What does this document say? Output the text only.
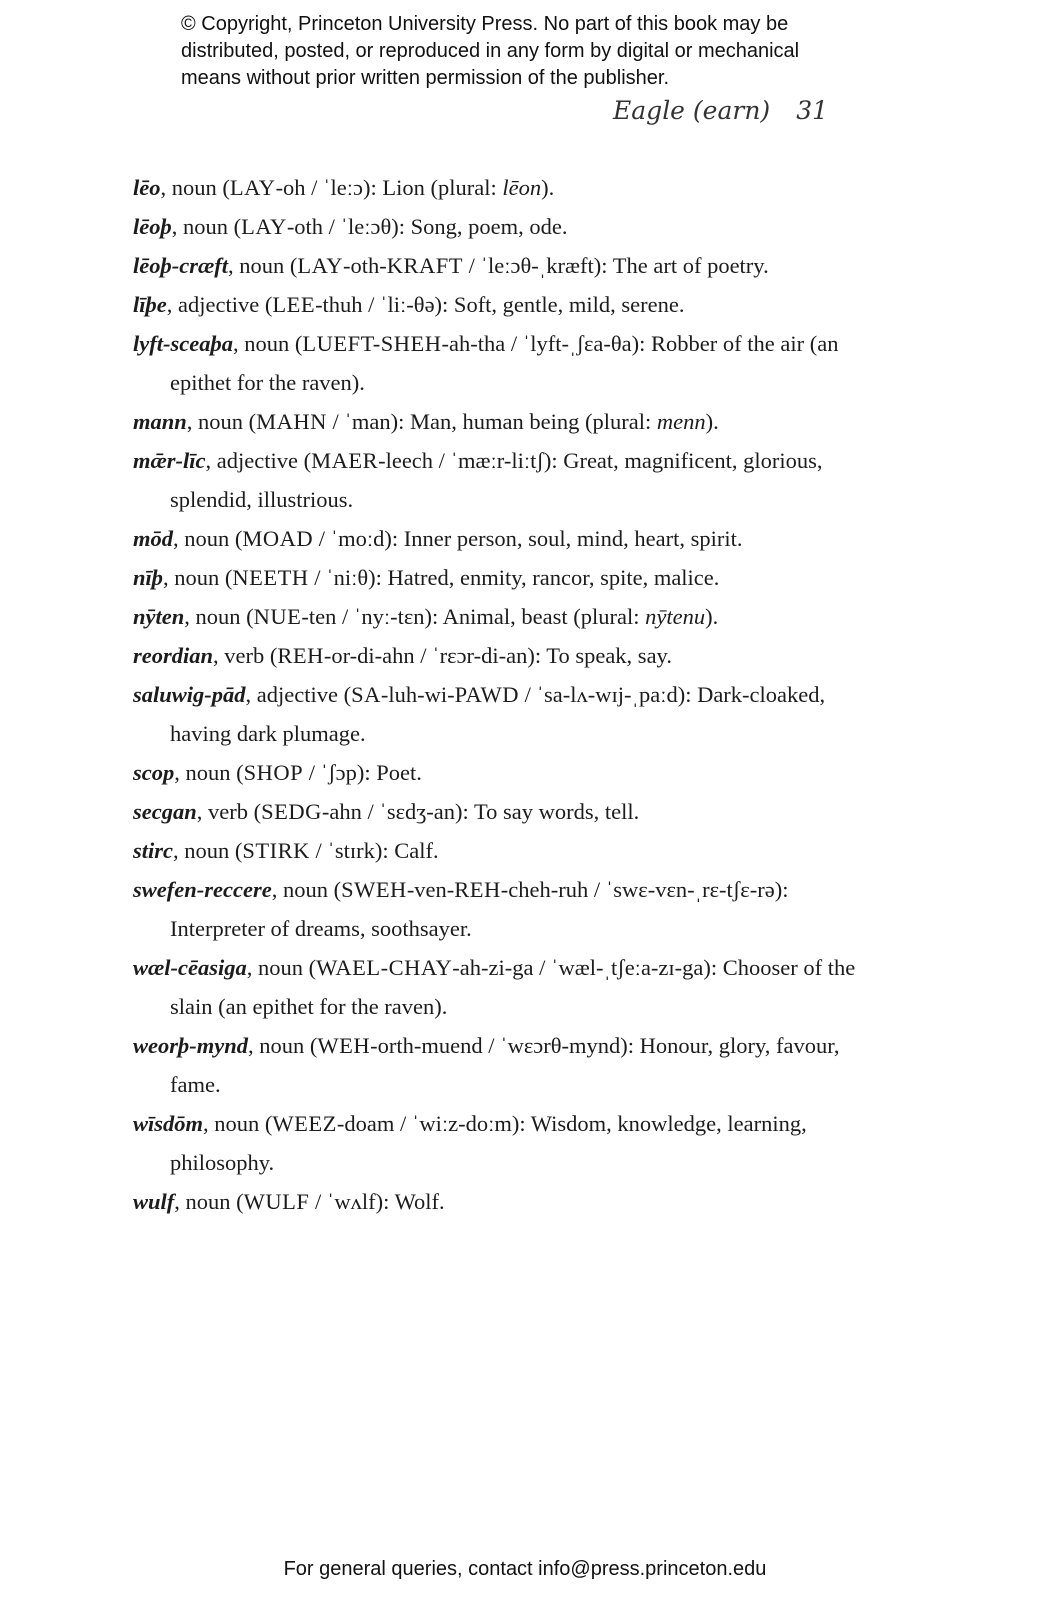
© Copyright, Princeton University Press. No part of this book may be
distributed, posted, or reproduced in any form by digital or mechanical
means without prior written permission of the publisher.
Eagle (earn) 31
lēo, noun (LAY-oh / ˈleːɔ): Lion (plural: lēon).
lēoþ, noun (LAY-oth / ˈleːɔθ): Song, poem, ode.
lēoþ-cræft, noun (LAY-oth-KRAFT / ˈleːɔθ-ˌkræft): The art of poetry.
līþe, adjective (LEE-thuh / ˈliː-θə): Soft, gentle, mild, serene.
lyft-sceaþa, noun (LUEFT-SHEH-ah-tha / ˈlyft-ˌʃɛa-θa): Robber of the air (an epithet for the raven).
mann, noun (MAHN / ˈman): Man, human being (plural: menn).
mǣr-līc, adjective (MAER-leech / ˈmæːr-liːtʃ): Great, magnificent, glorious, splendid, illustrious.
mōd, noun (MOAD / ˈmoːd): Inner person, soul, mind, heart, spirit.
nīþ, noun (NEETH / ˈniːθ): Hatred, enmity, rancor, spite, malice.
nȳten, noun (NUE-ten / ˈnyː-tɛn): Animal, beast (plural: nȳtenu).
reordian, verb (REH-or-di-ahn / ˈrɛɔr-di-an): To speak, say.
saluwig-pād, adjective (SA-luh-wi-PAWD / ˈsa-lʌ-wɪj-ˌpaːd): Dark-cloaked, having dark plumage.
scop, noun (SHOP / ˈʃɔp): Poet.
secgan, verb (SEDG-ahn / ˈsɛdʒ-an): To say words, tell.
stirc, noun (STIRK / ˈstɪrk): Calf.
swefen-reccere, noun (SWEH-ven-REH-cheh-ruh / ˈswɛ-vɛn-ˌrɛ-tʃɛ-rə): Interpreter of dreams, soothsayer.
wæl-cēasiga, noun (WAEL-CHAY-ah-zi-ga / ˈwæl-ˌtʃeːa-zɪ-ga): Chooser of the slain (an epithet for the raven).
weorþ-mynd, noun (WEH-orth-muend / ˈwɛɔrθ-mynd): Honour, glory, favour, fame.
wīsdōm, noun (WEEZ-doam / ˈwiːz-doːm): Wisdom, knowledge, learning, philosophy.
wulf, noun (WULF / ˈwʌlf): Wolf.
For general queries, contact info@press.princeton.edu
